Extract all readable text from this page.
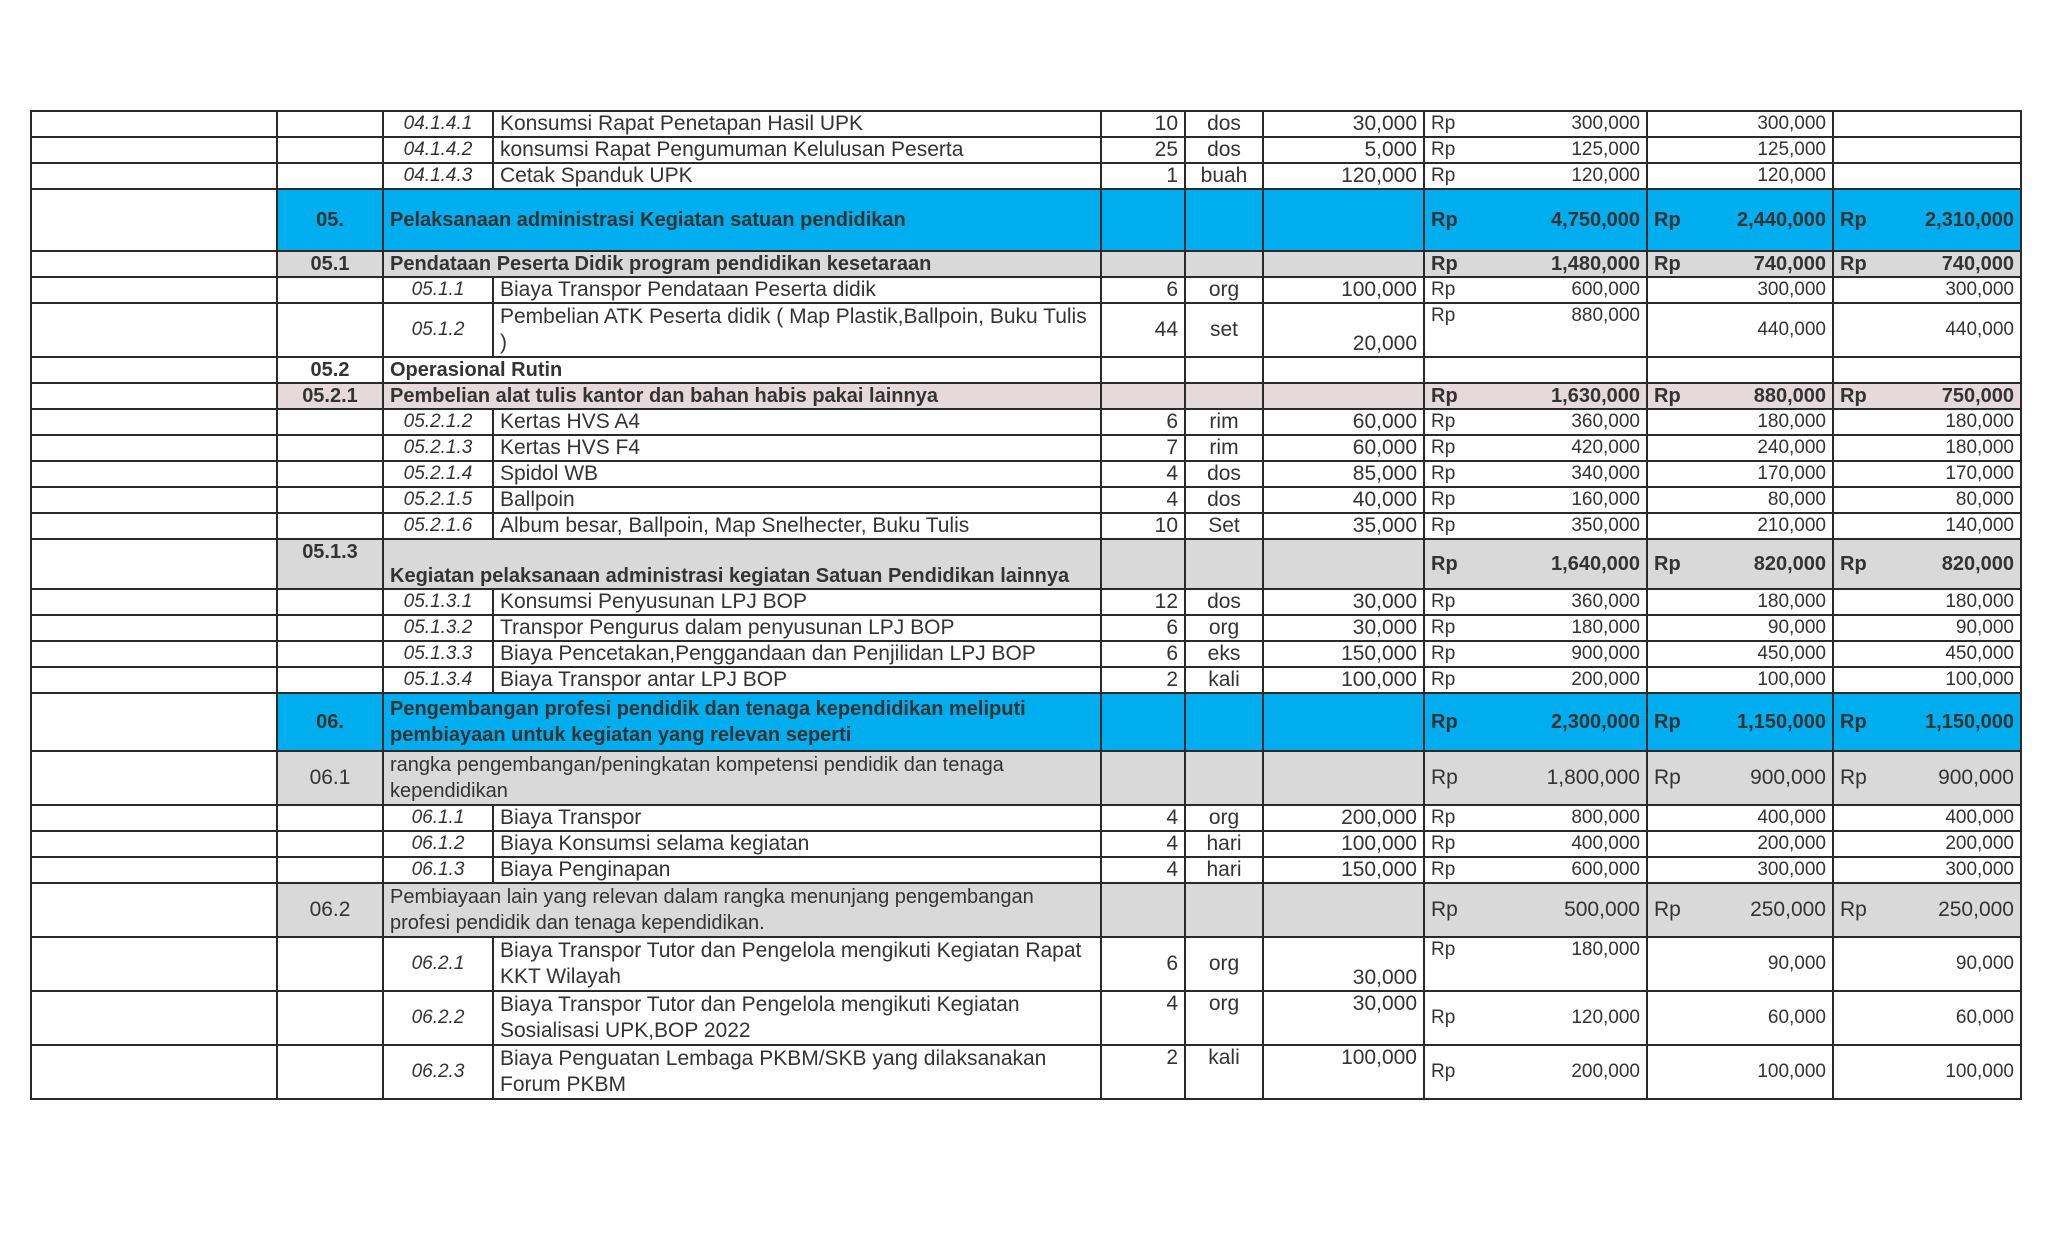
		04.1.4.1	Konsumsi Rapat Penetapan Hasil UPK	10	dos	30,000	Rp 300,000	300,000	
		04.1.4.2	konsumsi Rapat Pengumuman Kelulusan Peserta	25	dos	5,000	Rp 125,000	125,000	
		04.1.4.3	Cetak Spanduk UPK	1	buah	120,000	Rp 120,000	120,000	
	05.	Pelaksanaan administrasi Kegiatan satuan pendidikan					Rp 4,750,000	Rp 2,440,000	Rp 2,310,000

	05.1	Pendataan Peserta Didik program pendidikan kesetaraan					Rp 1,480,000	Rp 740,000	Rp 740,000

		05.1.1	Biaya Transpor Pendataan Peserta didik	6	org	100,000	Rp 600,000	300,000	300,000
		05.1.2	Pembelian ATK Peserta didik ( Map Plastik,Ballpoin, Buku Tulis )	44	set	20,000	Rp 880,000	440,000	440,000
	05.2	Operasional Rutin							
	05.2.1	Pembelian alat tulis kantor dan bahan habis pakai lainnya					Rp 1,630,000	Rp 880,000	Rp 750,000

		05.2.1.2	Kertas HVS A4	6	rim	60,000	Rp 360,000	180,000	180,000
		05.2.1.3	Kertas HVS F4	7	rim	60,000	Rp 420,000	240,000	180,000
		05.2.1.4	Spidol WB	4	dos	85,000	Rp 340,000	170,000	170,000
		05.2.1.5	Ballpoin	4	dos	40,000	Rp 160,000	80,000	80,000
		05.2.1.6	Album besar, Ballpoin, Map Snelhecter, Buku Tulis	10	Set	35,000	Rp 350,000	210,000	140,000
	05.1.3	Kegiatan pelaksanaan administrasi kegiatan Satuan Pendidikan lainnya					Rp 1,640,000	Rp 820,000	Rp 820,000

		05.1.3.1	Konsumsi Penyusunan LPJ BOP	12	dos	30,000	Rp 360,000	180,000	180,000
		05.1.3.2	Transpor Pengurus dalam penyusunan LPJ BOP	6	org	30,000	Rp 180,000	90,000	90,000
		05.1.3.3	Biaya Pencetakan,Penggandaan dan Penjilidan LPJ BOP	6	eks	150,000	Rp 900,000	450,000	450,000
		05.1.3.4	Biaya Transpor antar LPJ BOP	2	kali	100,000	Rp 200,000	100,000	100,000
	06.	Pengembangan profesi pendidik dan tenaga kependidikan meliputi pembiayaan untuk kegiatan yang relevan seperti					Rp 2,300,000	Rp 1,150,000	Rp 1,150,000

	06.1	rangka pengembangan/peningkatan kompetensi pendidik dan tenaga kependidikan					Rp 1,800,000	Rp 900,000	Rp 900,000

		06.1.1	Biaya Transpor	4	org	200,000	Rp 800,000	400,000	400,000
		06.1.2	Biaya Konsumsi selama kegiatan	4	hari	100,000	Rp 400,000	200,000	200,000
		06.1.3	Biaya Penginapan	4	hari	150,000	Rp 600,000	300,000	300,000
	06.2	Pembiayaan lain yang relevan dalam rangka menunjang pengembangan profesi pendidik dan tenaga kependidikan.					Rp 500,000	Rp 250,000	Rp 250,000

		06.2.1	Biaya Transpor Tutor dan Pengelola mengikuti Kegiatan Rapat KKT Wilayah	6	org	30,000	Rp 180,000	90,000	90,000
		06.2.2	Biaya Transpor Tutor dan Pengelola mengikuti Kegiatan Sosialisasi UPK,BOP 2022	4	org	30,000	Rp 120,000	60,000	60,000
		06.2.3	Biaya Penguatan Lembaga PKBM/SKB yang dilaksanakan Forum PKBM	2	kali	100,000	Rp 200,000	100,000	100,000
